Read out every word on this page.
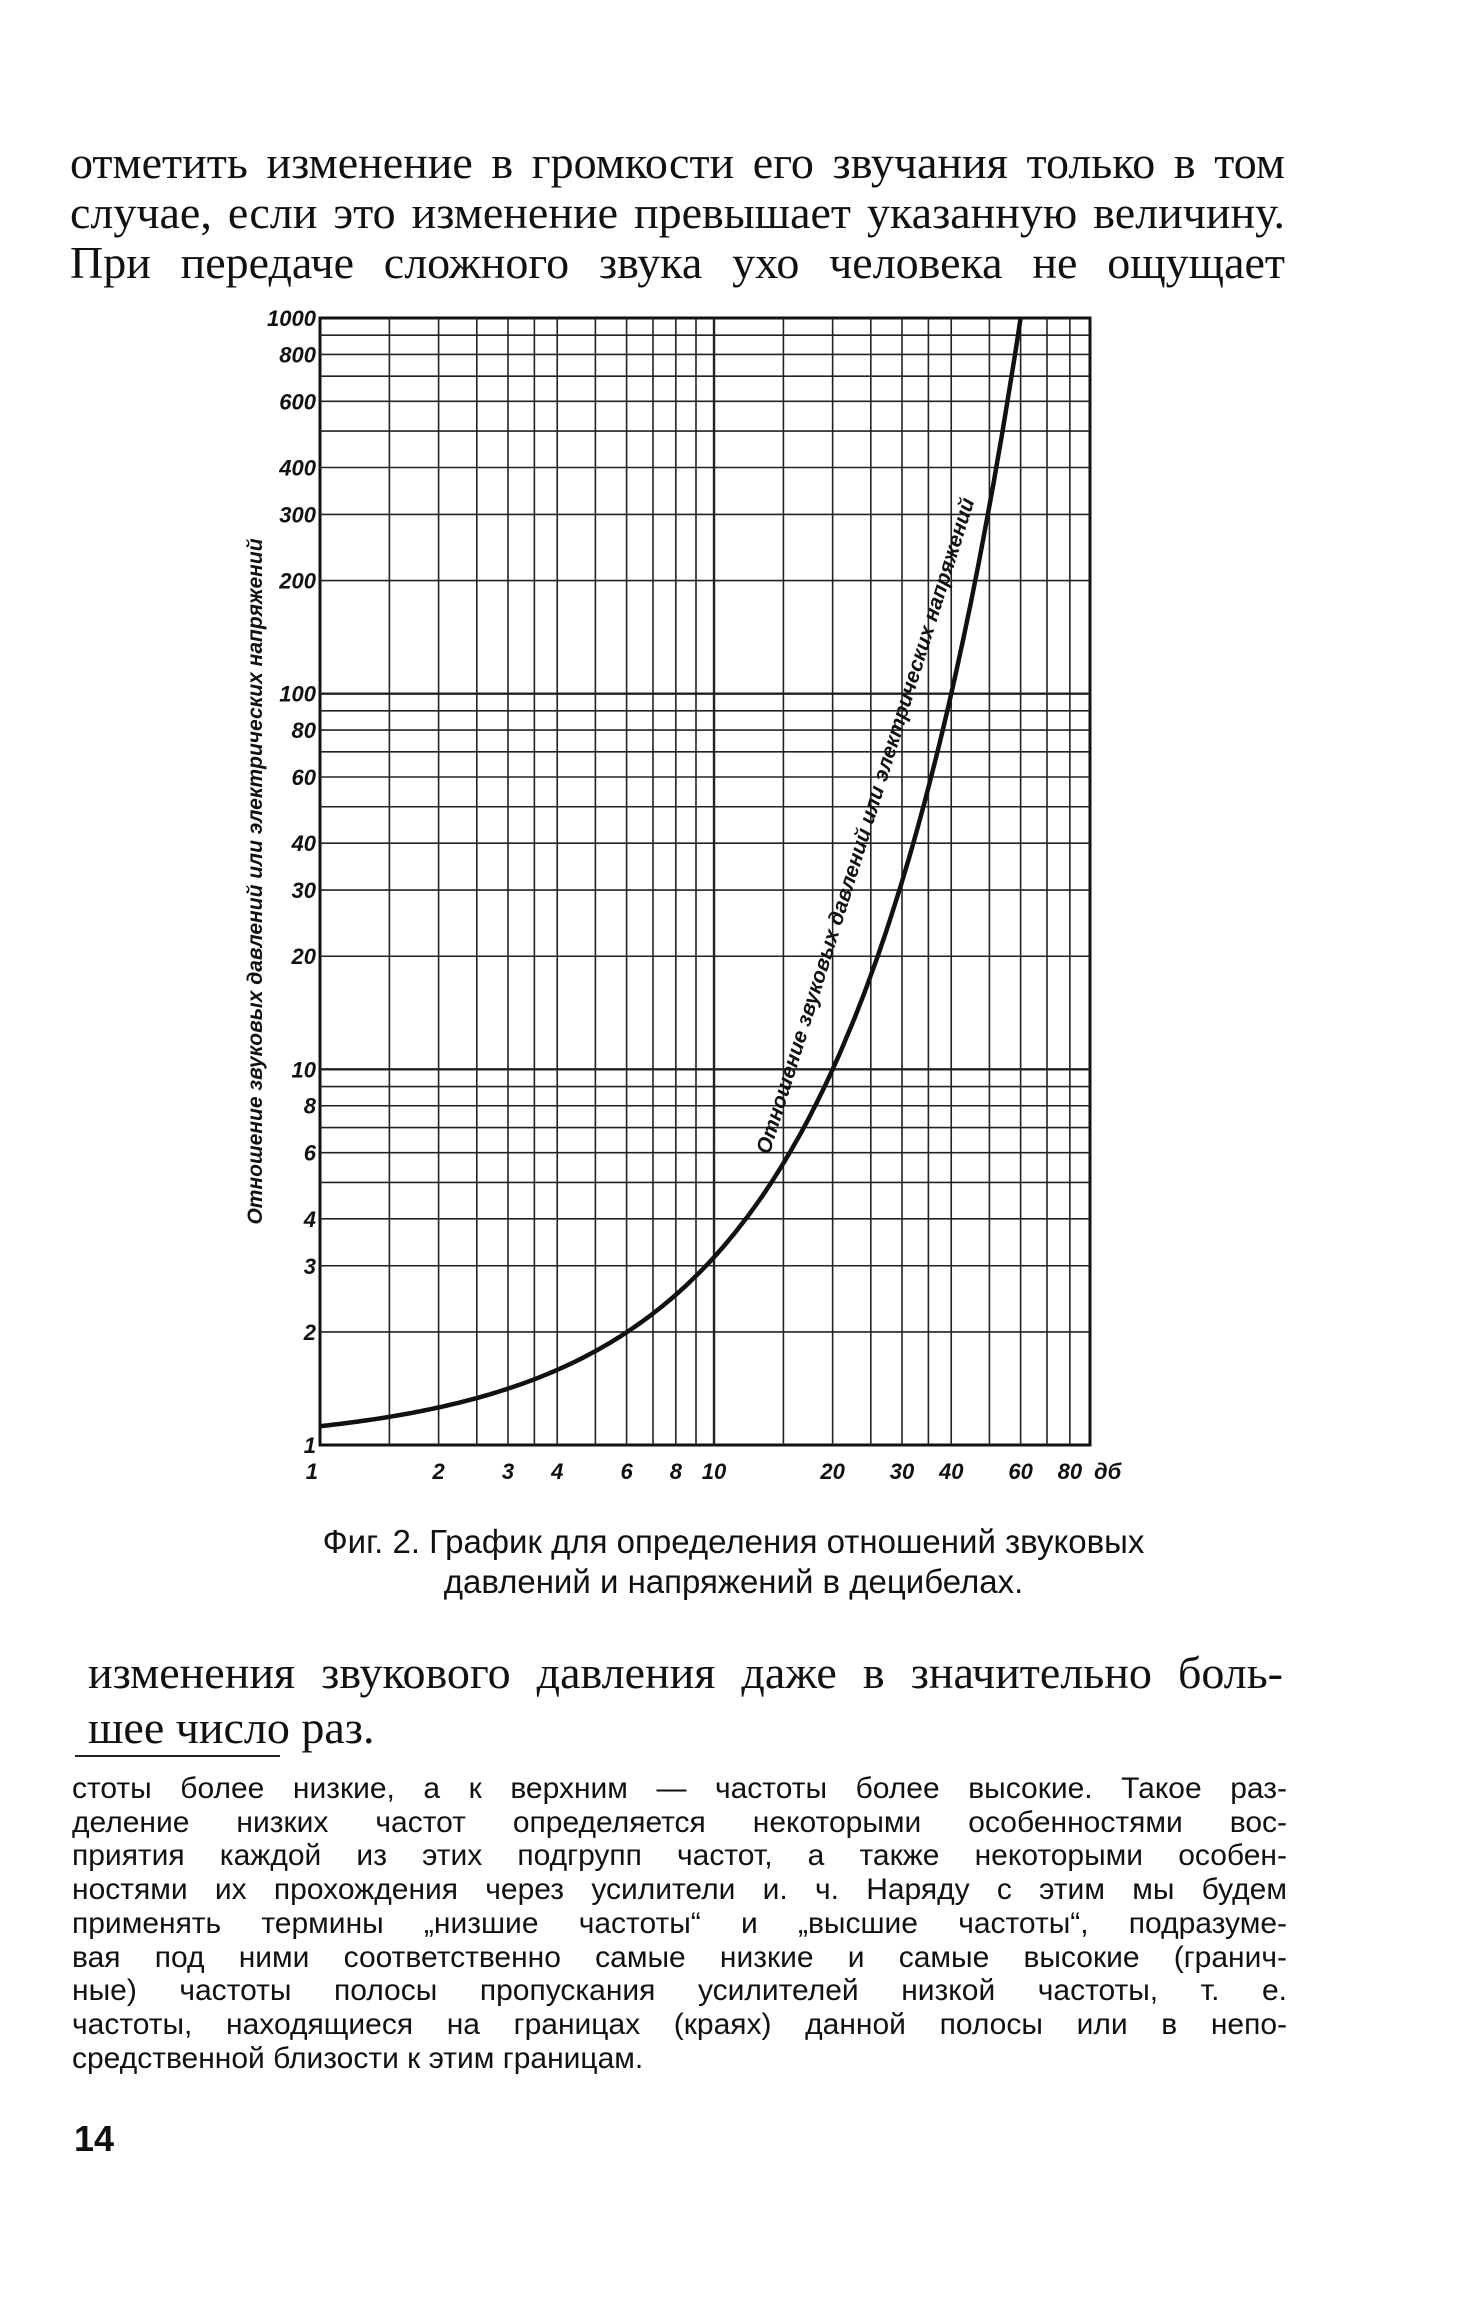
отметить изменение в громкости его звучания только в том
случае, если это изменение превышает указанную величину.
При передаче сложного звука ухо человека не ощущает
1
2
3
4
6
8
10
20
30
40
60
80
100
200
300
400
600
800
1000
1	2	3 4	6 8 10	20 30 40 60 80 дб
Отношение звуковых давлений или электрических напряжений	Отношение звуковых давлений или электрических напряжений
Фиг. 2. График для определения отношений звуковых
давлений и напряжений в децибелах.
изменения звукового давления даже в значительно боль-
шее число раз.
стоты более низкие, а к верхним — частоты более высокие. Такое раз-
деление низких частот определяется некоторыми особенностями вос-
приятия каждой из этих подгрупп частот, а также некоторыми особен-
ностями их прохождения через усилители и. ч. Наряду с этим мы будем
применять термины „низшие частоты“ и „высшие частоты“, подразуме-
вая под ними соответственно самые низкие и самые высокие (гранич-
ные) частоты полосы пропускания усилителей низкой частоты, т. е.
частоты, находящиеся на границах (краях) данной полосы или в непо-
средственной близости к этим границам.
14
